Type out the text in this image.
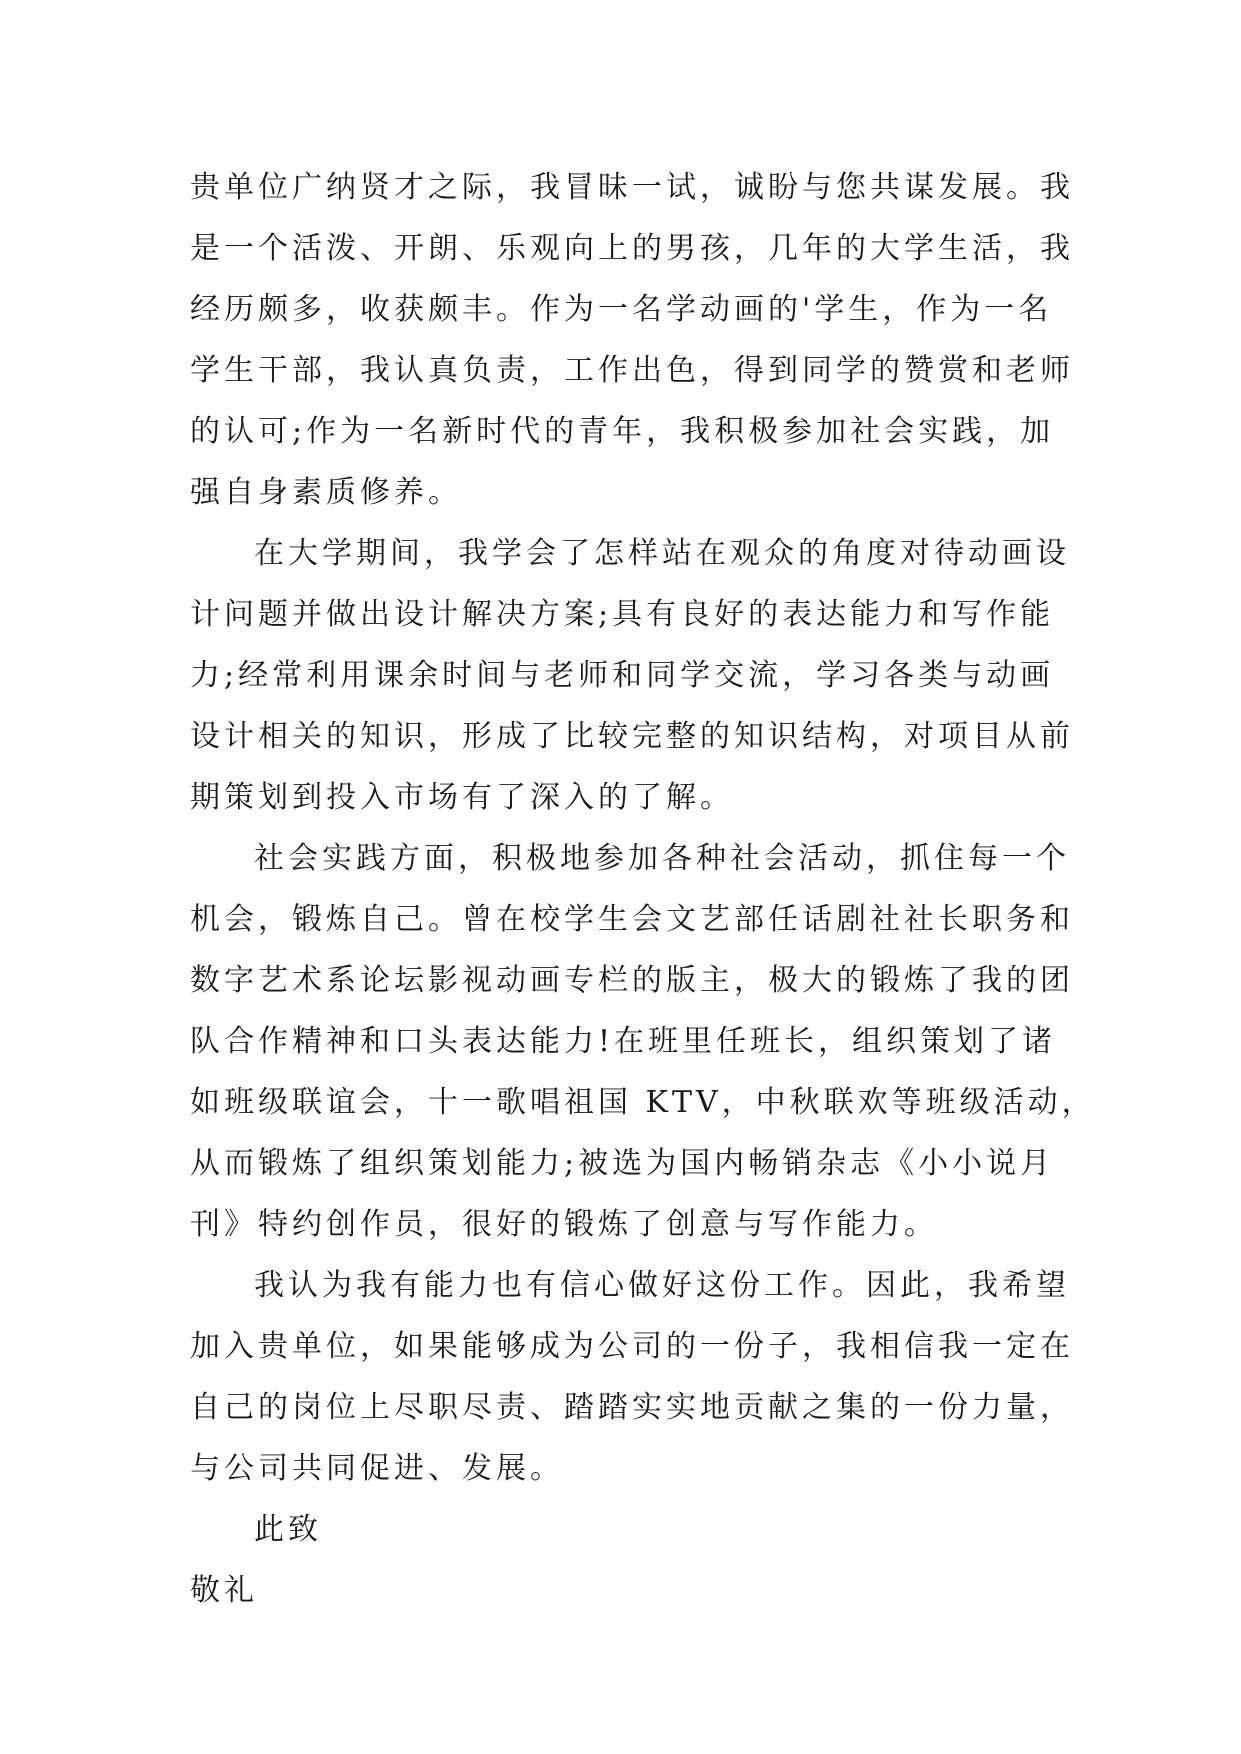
贵单位广纳贤才之际，我冒昧一试，诚盼与您共谋发展。我
是一个活泼、开朗、乐观向上的男孩，几年的大学生活，我
经历颇多，收获颇丰。作为一名学动画的'学生，作为一名
学生干部，我认真负责，工作出色，得到同学的赞赏和老师
的认可;作为一名新时代的青年，我积极参加社会实践，加
强自身素质修养。
在大学期间，我学会了怎样站在观众的角度对待动画设
计问题并做出设计解决方案;具有良好的表达能力和写作能
力;经常利用课余时间与老师和同学交流，学习各类与动画
设计相关的知识，形成了比较完整的知识结构，对项目从前
期策划到投入市场有了深入的了解。
社会实践方面，积极地参加各种社会活动，抓住每一个
机会，锻炼自己。曾在校学生会文艺部任话剧社社长职务和
数字艺术系论坛影视动画专栏的版主，极大的锻炼了我的团
队合作精神和口头表达能力!在班里任班长，组织策划了诸
如班级联谊会，十一歌唱祖国 KTV，中秋联欢等班级活动，
从而锻炼了组织策划能力;被选为国内畅销杂志《小小说月
刊》特约创作员，很好的锻炼了创意与写作能力。
我认为我有能力也有信心做好这份工作。因此，我希望
加入贵单位，如果能够成为公司的一份子，我相信我一定在
自己的岗位上尽职尽责、踏踏实实地贡献之集的一份力量，
与公司共同促进、发展。
此致
敬礼
